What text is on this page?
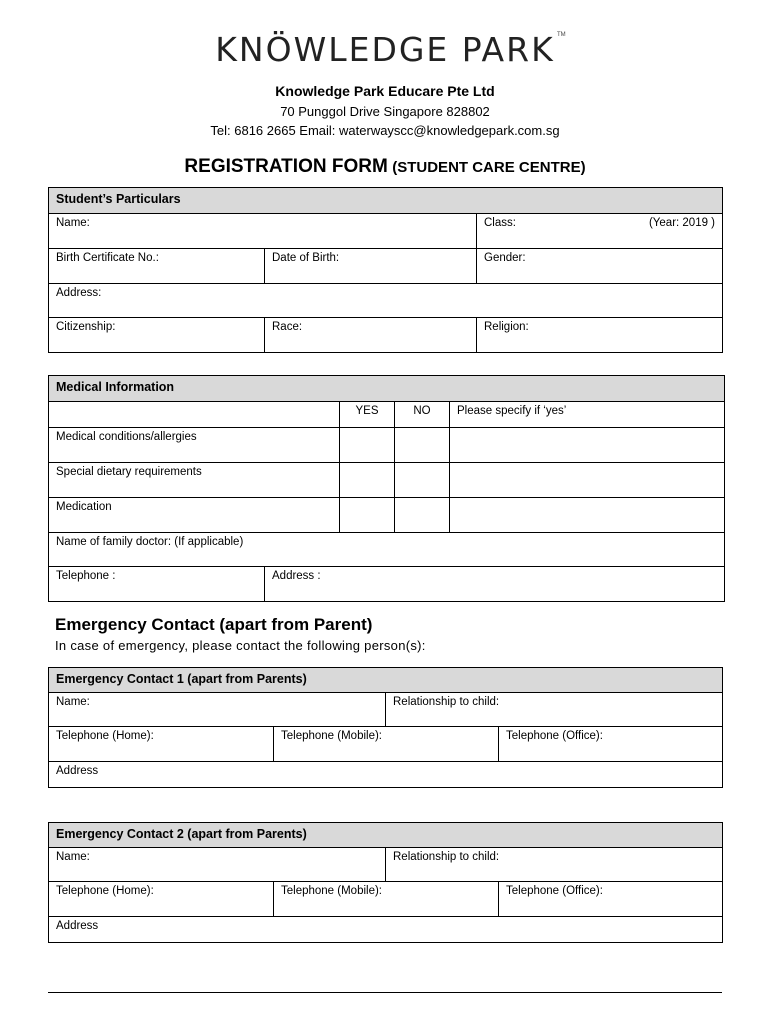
KNÖWLEDGE PARK TM
Knowledge Park Educare Pte Ltd
70 Punggol Drive Singapore 828802
Tel: 6816 2665 Email: waterwayscc@knowledgepark.com.sg
REGISTRATION FORM (STUDENT CARE CENTRE)
Student’s Particulars		
Name:		Class: (Year: 2019 )

Birth Certificate No.:	Date of Birth:	Gender:
Address:		
Citizenship:	Race:	Religion:
Medical Information				
		YES	NO	Please specify if ‘yes’
Medical conditions/allergies				
Special dietary requirements				
Medication				
Name of family doctor: (If applicable)				
Telephone :	Address :			
Emergency Contact (apart from Parent)
In case of emergency, please contact the following person(s):
Emergency Contact 1 (apart from Parents)			
Name:		Relationship to child:	
Telephone (Home):	Telephone (Mobile):		Telephone (Office):
Address			
Emergency Contact 2 (apart from Parents)			
Name:		Relationship to child:	
Telephone (Home):	Telephone (Mobile):		Telephone (Office):
Address			
